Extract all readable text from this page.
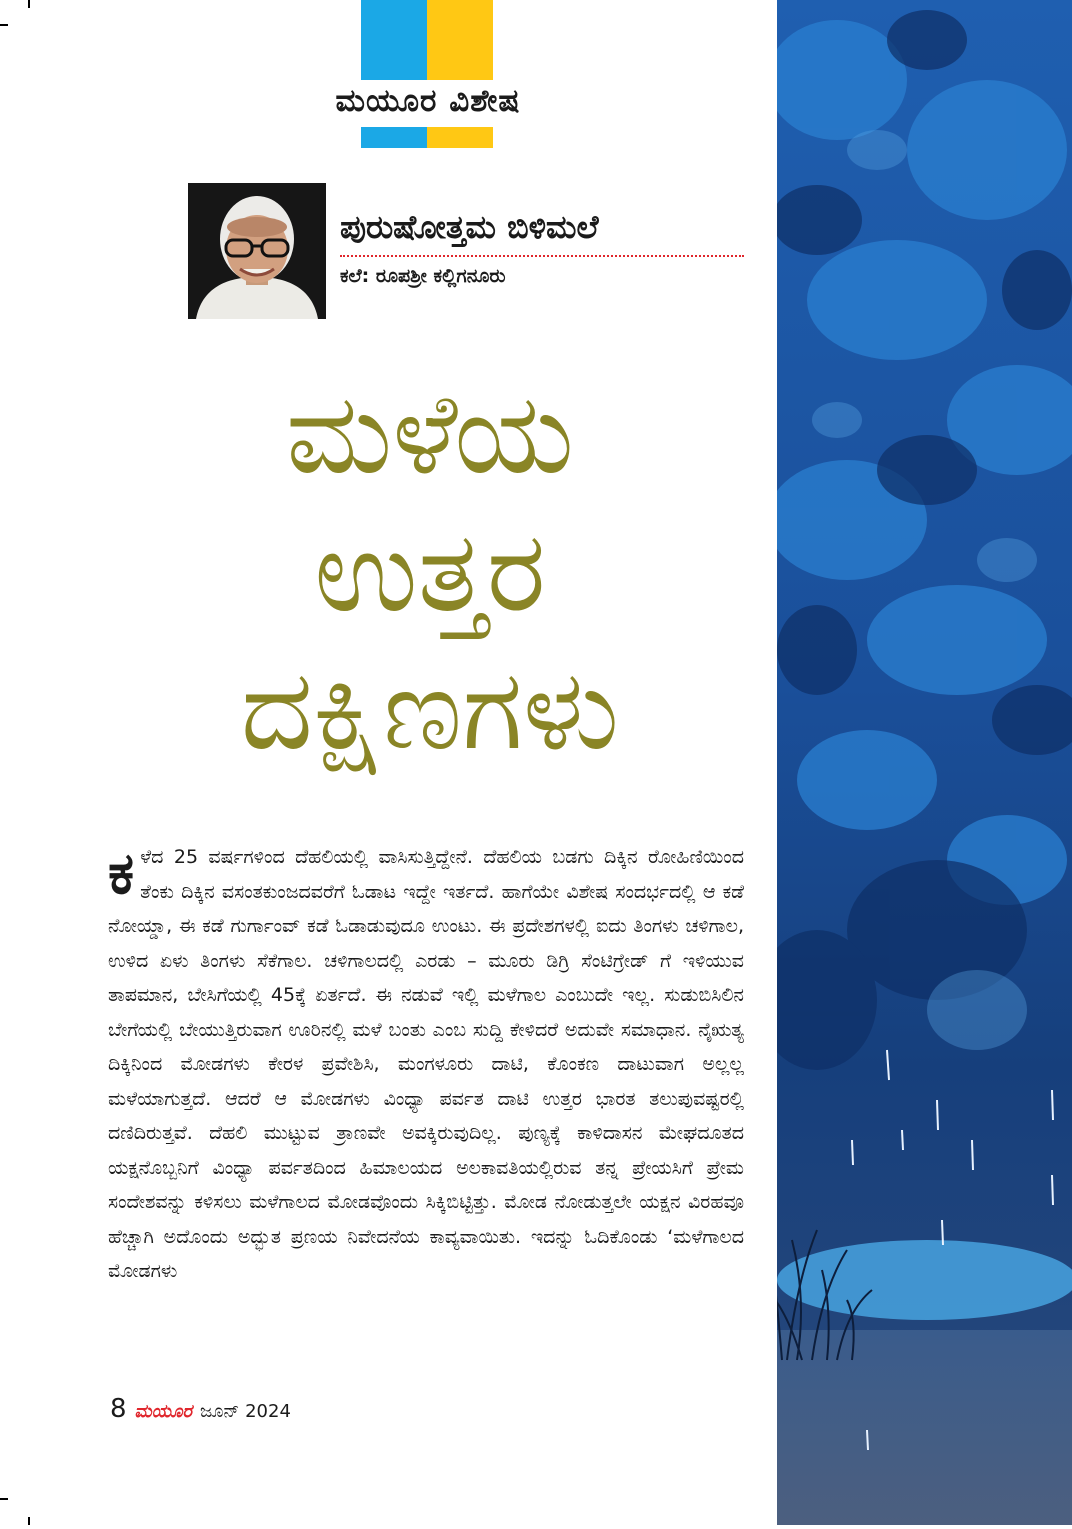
ಮಯೂರ ವಿಶೇಷ
ಪುರುಷೋತ್ತಮ ಬಿಳಿಮಲೆ
ಕಲೆ: ರೂಪಶ್ರೀ ಕಲ್ಲಿಗನೂರು
ಮಳೆಯ
ಉತ್ತರ
ದಕ್ಷಿಣಗಳು
ಕ ಳೆದ 25 ವರ್ಷಗಳಿಂದ ದೆಹಲಿಯಲ್ಲಿ ವಾಸಿಸುತ್ತಿದ್ದೇನೆ. ದೆಹಲಿಯ ಬಡಗು ದಿಕ್ಕಿನ ರೋಹಿಣಿಯಿಂದ ತೆಂಕು ದಿಕ್ಕಿನ ವಸಂತಕುಂಜದವರೆಗೆ ಓಡಾಟ ಇದ್ದೇ ಇರ್ತದೆ. ಹಾಗೆಯೇ ವಿಶೇಷ ಸಂದರ್ಭದಲ್ಲಿ ಆ ಕಡೆ ನೋಯ್ಡಾ, ಈ ಕಡೆ ಗುರ್ಗಾಂವ್ ಕಡೆ ಓಡಾಡುವುದೂ ಉಂಟು. ಈ ಪ್ರದೇಶಗಳಲ್ಲಿ ಐದು ತಿಂಗಳು ಚಳಿಗಾಲ, ಉಳಿದ ಏಳು ತಿಂಗಳು ಸೆಕೆಗಾಲ. ಚಳಿಗಾಲದಲ್ಲಿ ಎರಡು – ಮೂರು ಡಿಗ್ರಿ ಸೆಂಟಿಗ್ರೇಡ್ ಗೆ ಇಳಿಯುವ ತಾಪಮಾನ, ಬೇಸಿಗೆಯಲ್ಲಿ 45ಕ್ಕೆ ಏರ್ತದೆ. ಈ ನಡುವೆ ಇಲ್ಲಿ ಮಳೆಗಾಲ ಎಂಬುದೇ ಇಲ್ಲ. ಸುಡುಬಿಸಿಲಿನ ಬೇಗೆಯಲ್ಲಿ ಬೇಯುತ್ತಿರುವಾಗ ಊರಿನಲ್ಲಿ ಮಳೆ ಬಂತು ಎಂಬ ಸುದ್ದಿ ಕೇಳಿದರೆ ಅದುವೇ ಸಮಾಧಾನ. ನೈಋತ್ಯ ದಿಕ್ಕಿನಿಂದ ಮೋಡಗಳು ಕೇರಳ ಪ್ರವೇಶಿಸಿ, ಮಂಗಳೂರು ದಾಟಿ, ಕೊಂಕಣ ದಾಟುವಾಗ ಅಲ್ಲಲ್ಲ ಮಳೆಯಾಗುತ್ತದೆ. ಆದರೆ ಆ ಮೋಡಗಳು ವಿಂಧ್ಯಾ ಪರ್ವತ ದಾಟಿ ಉತ್ತರ ಭಾರತ ತಲುಪುವಷ್ಟರಲ್ಲಿ ದಣಿದಿರುತ್ತವೆ. ದೆಹಲಿ ಮುಟ್ಟುವ ತ್ರಾಣವೇ ಅವಕ್ಕಿರುವುದಿಲ್ಲ. ಪುಣ್ಯಕ್ಕೆ ಕಾಳಿದಾಸನ ಮೇಘದೂತದ ಯಕ್ಷನೊಬ್ಬನಿಗೆ ವಿಂಧ್ಯಾ ಪರ್ವತದಿಂದ ಹಿಮಾಲಯದ ಅಲಕಾವತಿಯಲ್ಲಿರುವ ತನ್ನ ಪ್ರೇಯಸಿಗೆ ಪ್ರೇಮ ಸಂದೇಶವನ್ನು ಕಳಿಸಲು ಮಳೆಗಾಲದ ಮೋಡವೊಂದು ಸಿಕ್ಕಿಬಿಟ್ಟಿತ್ತು. ಮೋಡ ನೋಡುತ್ತಲೇ ಯಕ್ಷನ ವಿರಹವೂ ಹೆಚ್ಚಾಗಿ ಅದೊಂದು ಅದ್ಭುತ ಪ್ರಣಯ ನಿವೇದನೆಯ ಕಾವ್ಯವಾಯಿತು. ಇದನ್ನು ಓದಿಕೊಂಡು ‘ಮಳೆಗಾಲದ ಮೋಡಗಳು
8 ಮಯೂರ ಜೂನ್ 2024
